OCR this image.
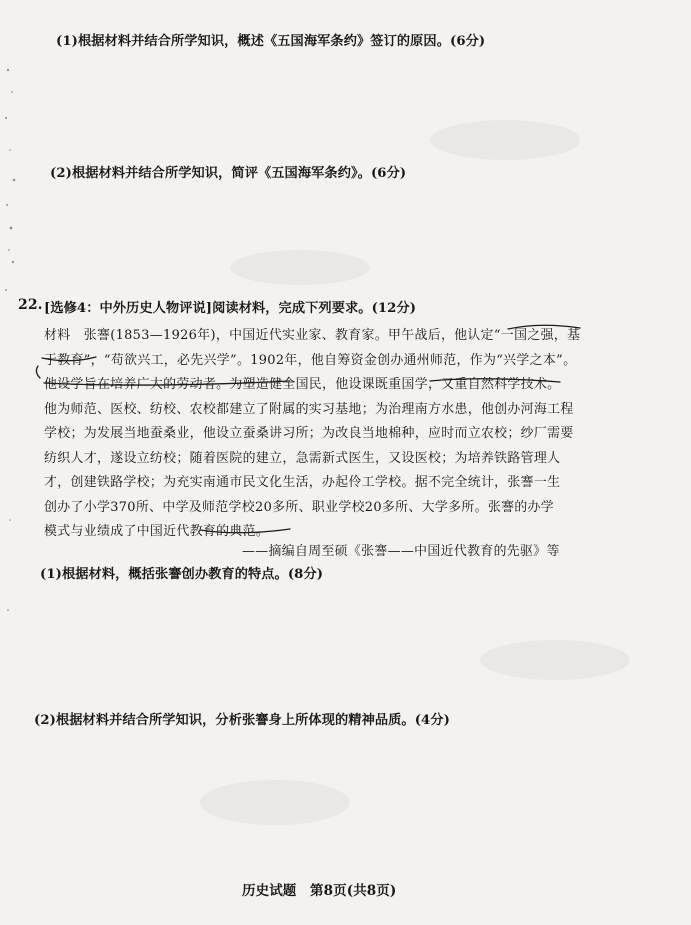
(1)根据材料并结合所学知识，概述《五国海军条约》签订的原因。(6分)
(2)根据材料并结合所学知识，简评《五国海军条约》。(6分)
22. [选修4：中外历史人物评说]阅读材料，完成下列要求。(12分)
材料　张謇(1853—1926年)，中国近代实业家、教育家。甲午战后，他认定“一国之强，基
于教育”，“苟欲兴工，必先兴学”。1902年，他自筹资金创办通州师范，作为“兴学之本”。
他设学旨在培养广大的劳动者。为塑造健全国民，他设课既重国学，又重自然科学技术。
他为师范、医校、纺校、农校都建立了附属的实习基地；为治理南方水患，他创办河海工程
学校；为发展当地蚕桑业，他设立蚕桑讲习所；为改良当地棉种，应时而立农校；纱厂需要
纺织人才，遂设立纺校；随着医院的建立，急需新式医生，又设医校；为培养铁路管理人
才，创建铁路学校；为充实南通市民文化生活，办起伶工学校。据不完全统计，张謇一生
创办了小学370所、中学及师范学校20多所、职业学校20多所、大学多所。张謇的办学
模式与业绩成了中国近代教育的典范。
——摘编自周至硕《张謇——中国近代教育的先驱》等
(1)根据材料，概括张謇创办教育的特点。(8分)
(2)根据材料并结合所学知识，分析张謇身上所体现的精神品质。(4分)
历史试题　第8页(共8页)
